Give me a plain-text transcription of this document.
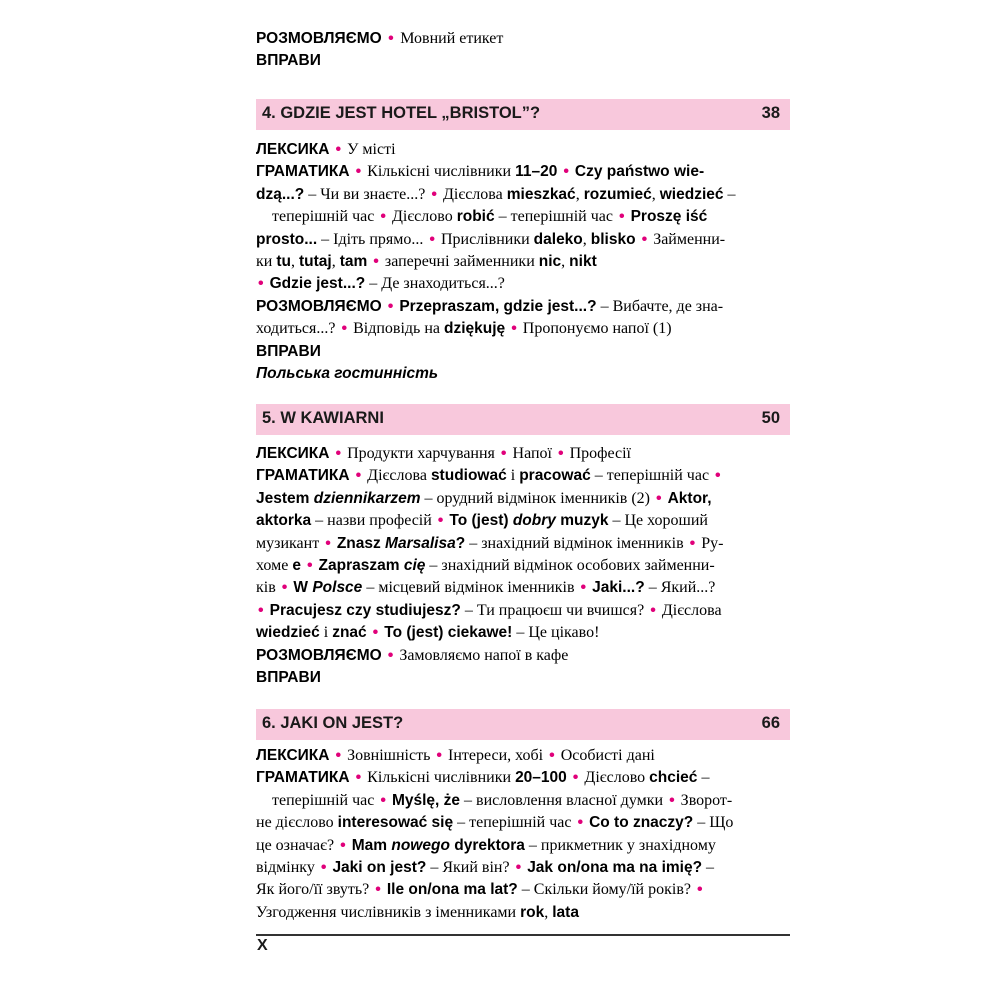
РОЗМОВЛЯЄМО • Мовний етикет
ВПРАВИ
4. GDZIE JEST HOTEL „BRISTOL”?	38
ЛЕКСИКА • У місті
ГРАМАТИКА • Кількісні числівники 11–20 • Czy państwo wie-
dzą...? – Чи ви знаєте...? • Дієслова mieszkać, rozumieć, wiedzieć –
теперішній час • Дієслово robić – теперішній час • Proszę iść
prosto... – Ідіть прямо... • Прислівники daleko, blisko • Займенни-
ки tu, tutaj, tam • заперечні займенники nic, nikt
• Gdzie jest...? – Де знаходиться...?
РОЗМОВЛЯЄМО • Przepraszam, gdzie jest...? – Вибачте, де зна-
ходиться...? • Відповідь на dziękuję • Пропонуємо напої (1)
ВПРАВИ
Польська гостинність
5. W KAWIARNI	50
ЛЕКСИКА • Продукти харчування • Напої • Професії
ГРАМАТИКА • Дієслова studiować і pracować – теперішній час •
Jestem dziennikarzem – орудний відмінок іменників (2) • Aktor,
aktorka – назви професій • To (jest) dobry muzyk – Це хороший
музикант • Znasz Marsalisa? – знахідний відмінок іменників • Ру-
хоме e • Zapraszam cię – знахідний відмінок особових займенни-
ків • W Polsce – місцевий відмінок іменників • Jaki...? – Який...?
• Pracujesz czy studiujesz? – Ти працюєш чи вчишся? • Дієслова
wiedzieć і znać • To (jest) ciekawe! – Це цікаво!
РОЗМОВЛЯЄМО • Замовляємо напої в кафе
ВПРАВИ
6. JAKI ON JEST?	66
ЛЕКСИКА • Зовнішність • Інтереси, хобі • Особисті дані
ГРАМАТИКА • Кількісні числівники 20–100 • Дієслово chcieć –
теперішній час • Myślę, że – висловлення власної думки • Зворот-
не дієслово interesować się – теперішній час • Co to znaczy? – Що
це означає? • Mam nowego dyrektora – прикметник у знахідному
відмінку • Jaki on jest? – Який він? • Jak on/ona ma na imię? –
Як його/її звуть? • Ile on/ona ma lat? – Скільки йому/їй років? •
Узгодження числівників з іменниками rok, lata
X
